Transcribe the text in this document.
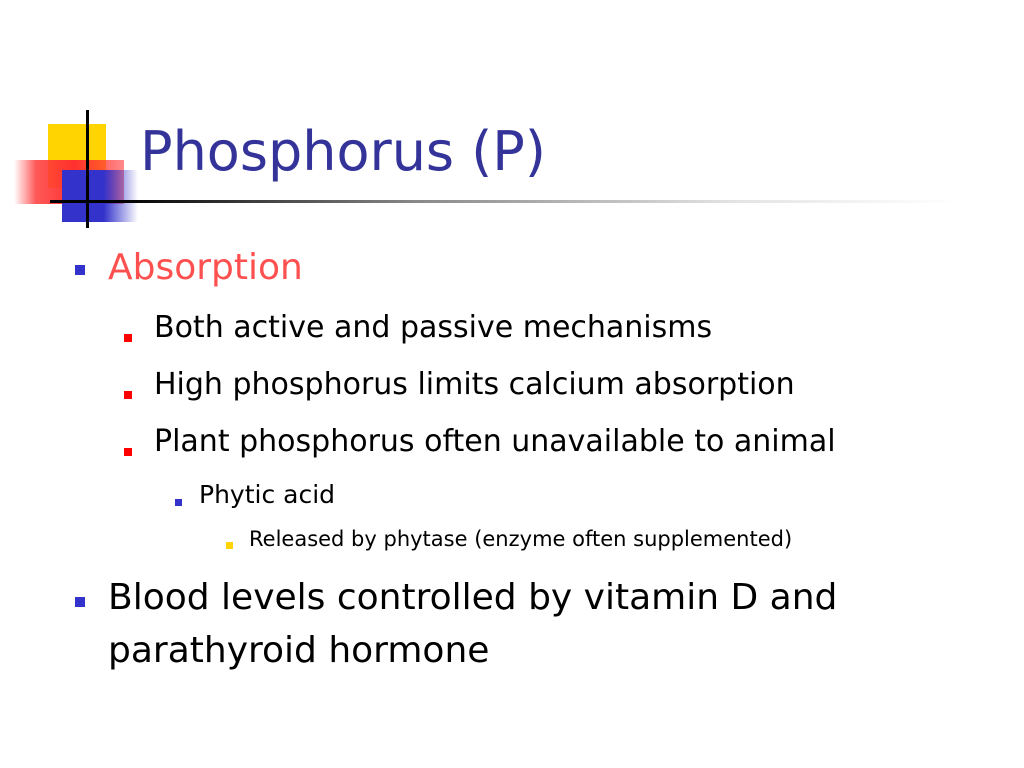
Phosphorus (P)
Absorption
Both active and passive mechanisms
High phosphorus limits calcium absorption
Plant phosphorus often unavailable to animal
Phytic acid
Released by phytase (enzyme often supplemented)
Blood levels controlled by vitamin D and
parathyroid hormone
